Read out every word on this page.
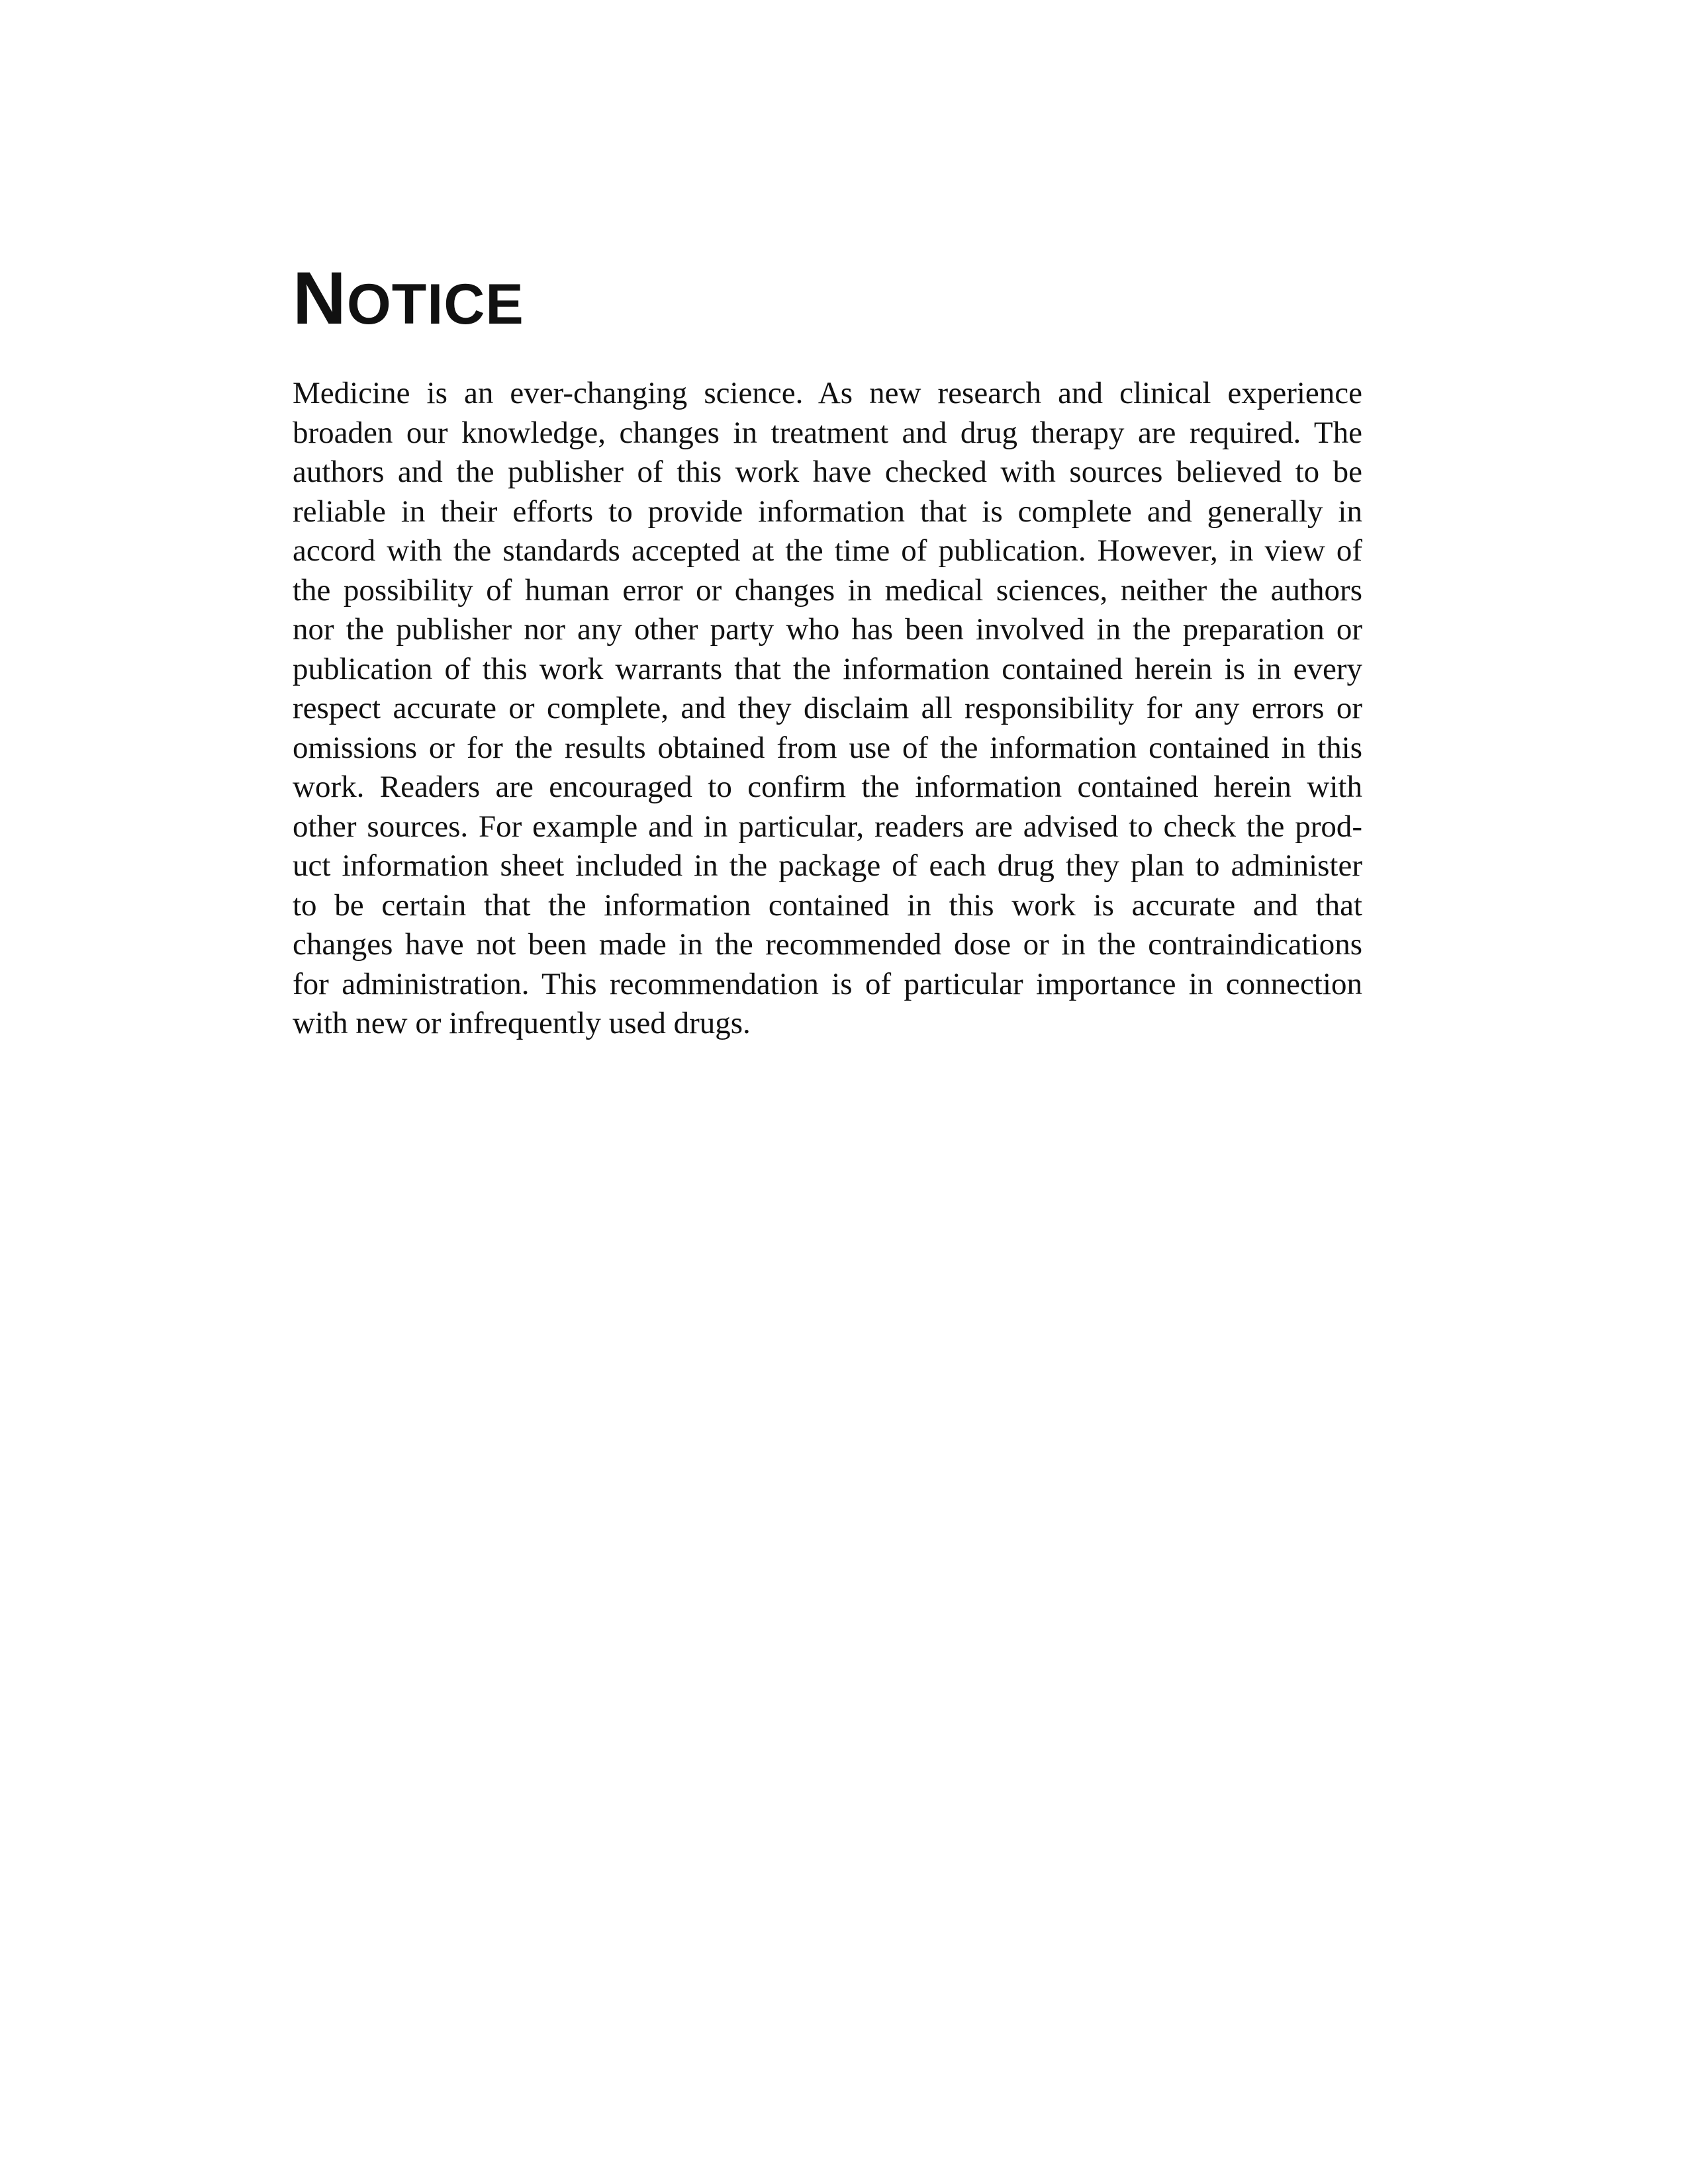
NOTICE
Medicine is an ever-changing science. As new research and clinical experience
broaden our knowledge, changes in treatment and drug therapy are required. The
authors and the publisher of this work have checked with sources believed to be
reliable in their efforts to provide information that is complete and generally in
accord with the standards accepted at the time of publication. However, in view of
the possibility of human error or changes in medical sciences, neither the authors
nor the publisher nor any other party who has been involved in the preparation or
publication of this work warrants that the information contained herein is in every
respect accurate or complete, and they disclaim all responsibility for any errors or
omissions or for the results obtained from use of the information contained in this
work. Readers are encouraged to confirm the information contained herein with
other sources. For example and in particular, readers are advised to check the prod-
uct information sheet included in the package of each drug they plan to administer
to be certain that the information contained in this work is accurate and that
changes have not been made in the recommended dose or in the contraindications
for administration. This recommendation is of particular importance in connection
with new or infrequently used drugs.
